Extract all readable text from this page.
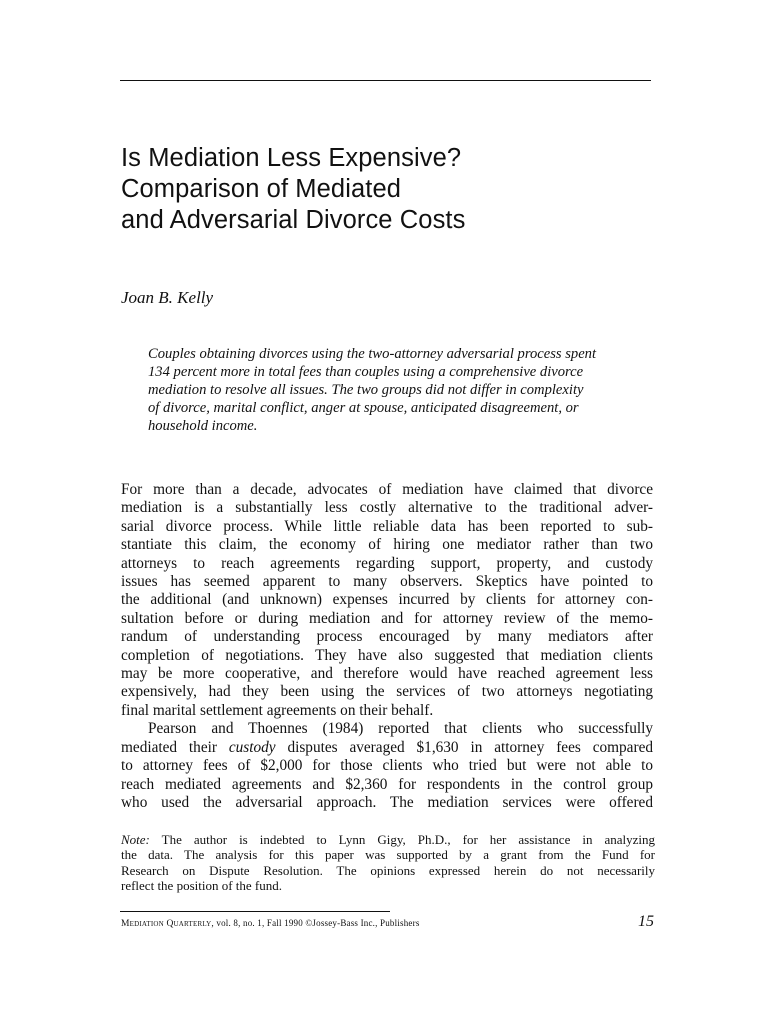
Is Mediation Less Expensive?
Comparison of Mediated
and Adversarial Divorce Costs

Joan B. Kelly

Couples obtaining divorces using the two-attorney adversarial process spent
134 percent more in total fees than couples using a comprehensive divorce
mediation to resolve all issues. The two groups did not differ in complexity
of divorce, marital conflict, anger at spouse, anticipated disagreement, or
household income.
For more than a decade, advocates of mediation have claimed that divorce
mediation is a substantially less costly alternative to the traditional adver-
sarial divorce process. While little reliable data has been reported to sub-
stantiate this claim, the economy of hiring one mediator rather than two
attorneys to reach agreements regarding support, property, and custody
issues has seemed apparent to many observers. Skeptics have pointed to
the additional (and unknown) expenses incurred by clients for attorney con-
sultation before or during mediation and for attorney review of the memo-
randum of understanding process encouraged by many mediators after
completion of negotiations. They have also suggested that mediation clients
may be more cooperative, and therefore would have reached agreement less
expensively, had they been using the services of two attorneys negotiating
final marital settlement agreements on their behalf.
Pearson and Thoennes (1984) reported that clients who successfully
mediated their custody disputes averaged $1,630 in attorney fees compared
to attorney fees of $2,000 for those clients who tried but were not able to
reach mediated agreements and $2,360 for respondents in the control group
who used the adversarial approach. The mediation services were offered
Note: The author is indebted to Lynn Gigy, Ph.D., for her assistance in analyzing
the data. The analysis for this paper was supported by a grant from the Fund for
Research on Dispute Resolution. The opinions expressed herein do not necessarily
reflect the position of the fund.

Mediation Quarterly, vol. 8, no. 1, Fall 1990 ©Jossey-Bass Inc., Publishers	15
